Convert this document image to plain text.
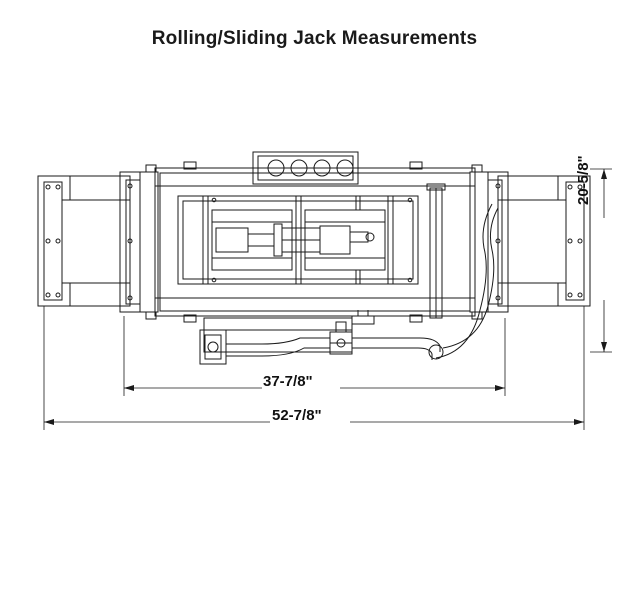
Rolling/Sliding Jack Measurements
37-7/8"
52-7/8"
20-5/8"
